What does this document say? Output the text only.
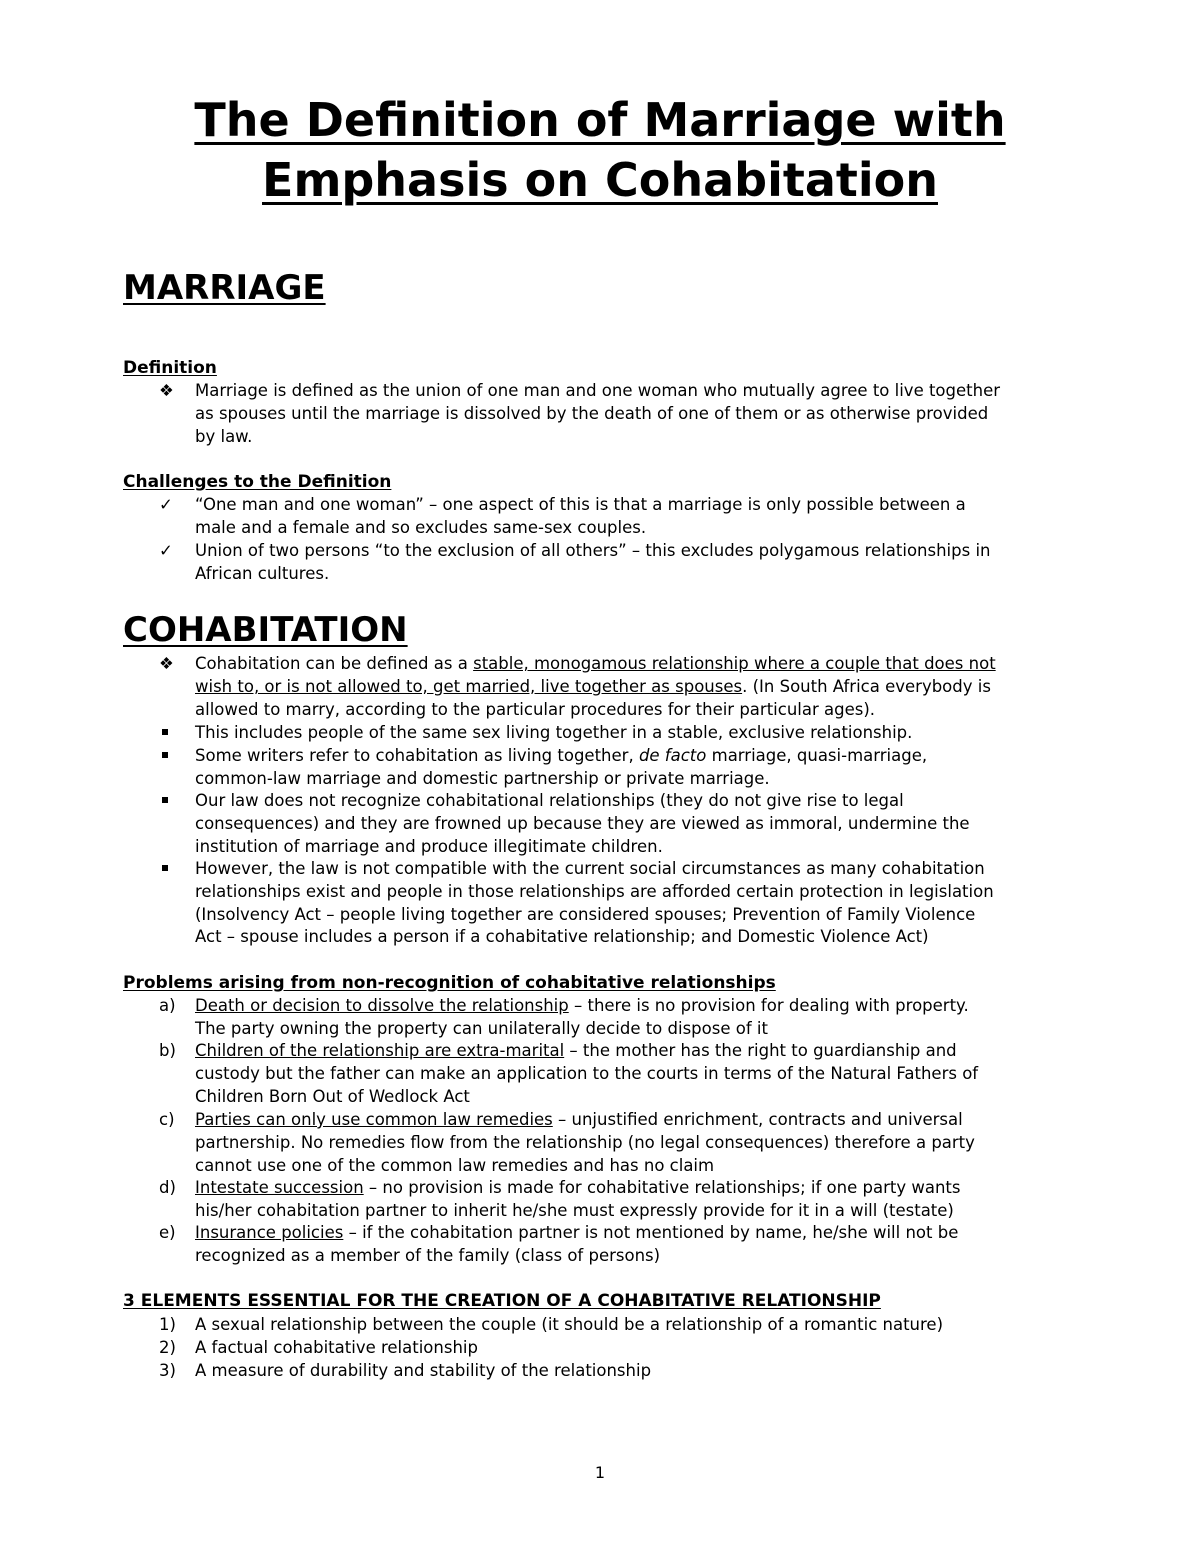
The Definition of Marriage with
Emphasis on Cohabitation
MARRIAGE
Definition
❖	Marriage is defined as the union of one man and one woman who mutually agree to live together
as spouses until the marriage is dissolved by the death of one of them or as otherwise provided
by law.
Challenges to the Definition
✓	“One man and one woman” – one aspect of this is that a marriage is only possible between a
male and a female and so excludes same-sex couples.
✓	Union of two persons “to the exclusion of all others” – this excludes polygamous relationships in
African cultures.
COHABITATION
❖	Cohabitation can be defined as a stable, monogamous relationship where a couple that does not
wish to, or is not allowed to, get married, live together as spouses. (In South Africa everybody is
allowed to marry, according to the particular procedures for their particular ages).
This includes people of the same sex living together in a stable, exclusive relationship.
Some writers refer to cohabitation as living together, de facto marriage, quasi-marriage,
common-law marriage and domestic partnership or private marriage.
Our law does not recognize cohabitational relationships (they do not give rise to legal
consequences) and they are frowned up because they are viewed as immoral, undermine the
institution of marriage and produce illegitimate children.
However, the law is not compatible with the current social circumstances as many cohabitation
relationships exist and people in those relationships are afforded certain protection in legislation
(Insolvency Act – people living together are considered spouses; Prevention of Family Violence
Act – spouse includes a person if a cohabitative relationship; and Domestic Violence Act)
Problems arising from non-recognition of cohabitative relationships
a)	Death or decision to dissolve the relationship – there is no provision for dealing with property.
The party owning the property can unilaterally decide to dispose of it
b)	Children of the relationship are extra-marital – the mother has the right to guardianship and
custody but the father can make an application to the courts in terms of the Natural Fathers of
Children Born Out of Wedlock Act
c)	Parties can only use common law remedies – unjustified enrichment, contracts and universal
partnership. No remedies flow from the relationship (no legal consequences) therefore a party
cannot use one of the common law remedies and has no claim
d)	Intestate succession – no provision is made for cohabitative relationships; if one party wants
his/her cohabitation partner to inherit he/she must expressly provide for it in a will (testate)
e)	Insurance policies – if the cohabitation partner is not mentioned by name, he/she will not be
recognized as a member of the family (class of persons)
3 ELEMENTS ESSENTIAL FOR THE CREATION OF A COHABITATIVE RELATIONSHIP
1)	A sexual relationship between the couple (it should be a relationship of a romantic nature)
2)	A factual cohabitative relationship
3)	A measure of durability and stability of the relationship
1
